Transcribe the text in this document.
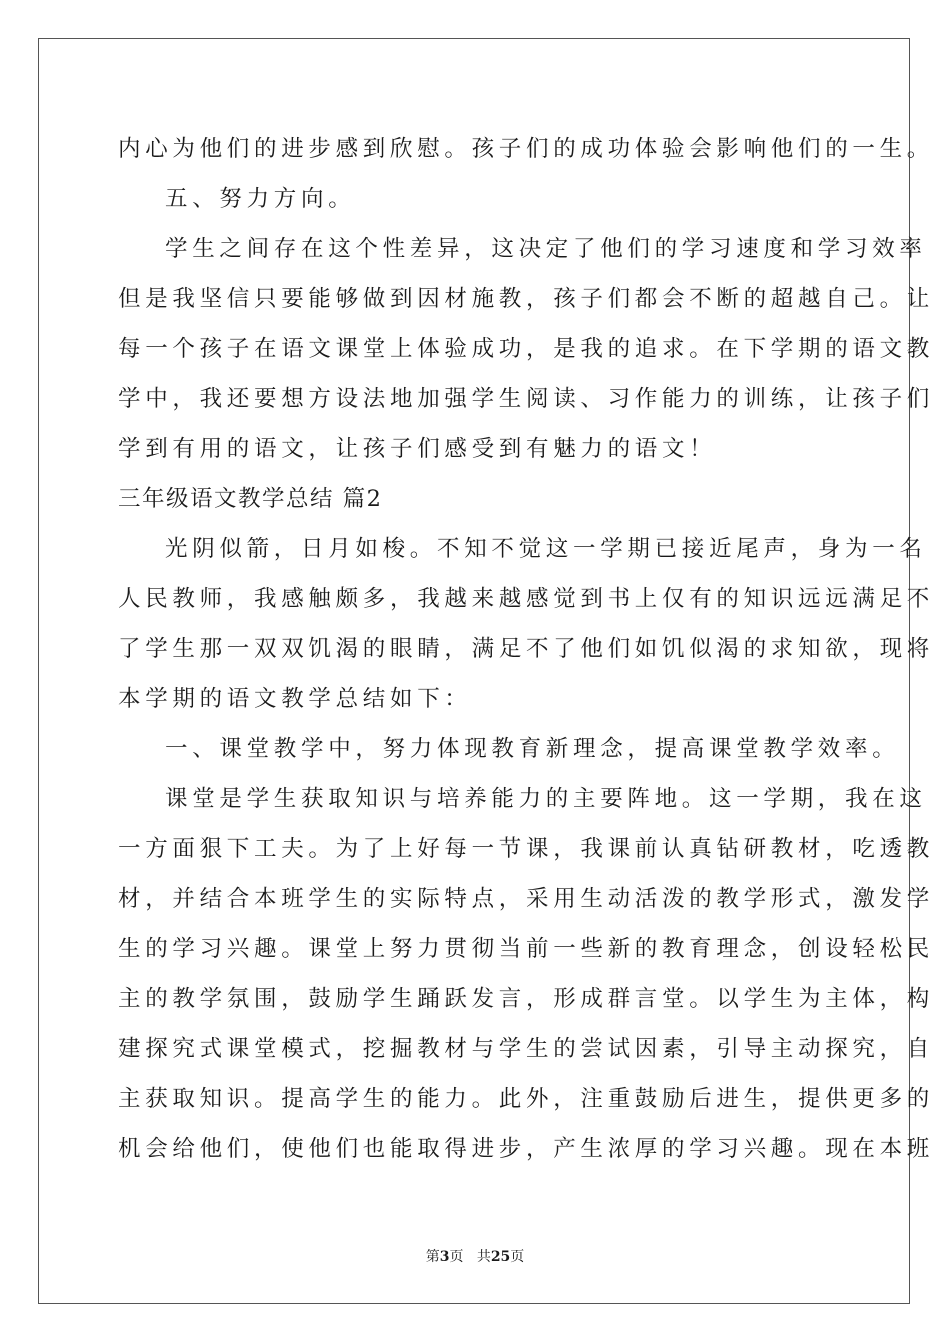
内心为他们的进步感到欣慰。孩子们的成功体验会影响他们的一生。
五、努力方向。
学生之间存在这个性差异，这决定了他们的学习速度和学习效率
但是我坚信只要能够做到因材施教，孩子们都会不断的超越自己。让
每一个孩子在语文课堂上体验成功，是我的追求。在下学期的语文教
学中，我还要想方设法地加强学生阅读、习作能力的训练，让孩子们
学到有用的语文，让孩子们感受到有魅力的语文！
三年级语文教学总结 篇2
光阴似箭，日月如梭。不知不觉这一学期已接近尾声，身为一名
人民教师，我感触颇多，我越来越感觉到书上仅有的知识远远满足不
了学生那一双双饥渴的眼睛，满足不了他们如饥似渴的求知欲，现将
本学期的语文教学总结如下：
一、课堂教学中，努力体现教育新理念，提高课堂教学效率。
课堂是学生获取知识与培养能力的主要阵地。这一学期，我在这
一方面狠下工夫。为了上好每一节课，我课前认真钻研教材，吃透教
材，并结合本班学生的实际特点，采用生动活泼的教学形式，激发学
生的学习兴趣。课堂上努力贯彻当前一些新的教育理念，创设轻松民
主的教学氛围，鼓励学生踊跃发言，形成群言堂。以学生为主体，构
建探究式课堂模式，挖掘教材与学生的尝试因素，引导主动探究，自
主获取知识。提高学生的能力。此外，注重鼓励后进生，提供更多的
机会给他们，使他们也能取得进步，产生浓厚的学习兴趣。现在本班
第3页 共25页
